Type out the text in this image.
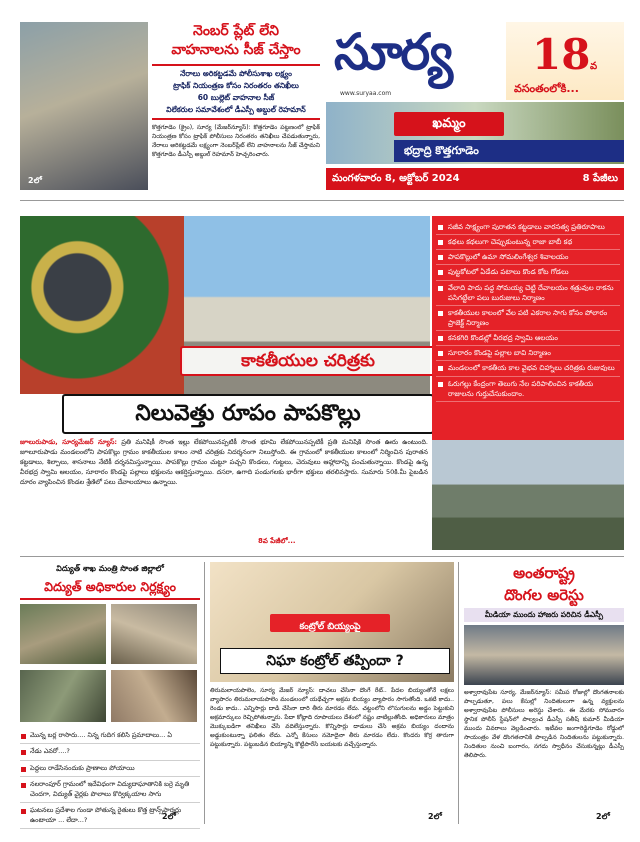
సూర్య
www.suryaa.com
18 వ
వసంతంలోకి...
ఖమ్మం
భద్రాద్రి కొత్తగూడెం
మంగళవారం 8, అక్టోబర్ 2024	8 పేజీలు
2లో
నెంబర్ ప్లేట్ లేని
వాహనాలను సీజ్ చేస్తాం
నేరాలు అరికట్టడమే పోలీసుశాఖ లక్ష్యం
ట్రాఫిక్ నియంత్రణ కోసం నిరంతరం తనిఖీలు
60 బుల్లెట్ వాహనాల సీజ్
విలేకరుల సమావేశంలో డీఎస్పీ అబ్దుల్ రెహమాన్
కొత్తగూడెం (క్రైం), సూర్య (మేజర్‌న్యూస్): కొత్తగూడెం పట్టణంలో ట్రాఫిక్ నియంత్రణ కోసం ట్రాఫిక్ పోలీసులు నిరంతరం తనిఖీలు చేపడుతున్నారు, నేరాలు అరికట్టడమే లక్ష్యంగా నెంబర్‌ప్లేట్ లేని వాహనాలను సీజ్ చేస్తామని కొత్తగూడెం డీఎస్పీ అబ్దుల్ రెహమాన్ హెచ్చరించారు.
కాకతీయుల చరిత్రకు
నిలువెత్తు రూపం పాపకొల్లు
సజీవ సాక్ష్యంగా పురాతన కట్టడాలు వారసత్వ ప్రతిరూపాలు
కథలు కథలుగా చెప్పుకుంటున్న రాజా బాబీ కథ
పాపకొల్లులో ఉమా సోమలింగేశ్వర శివాలయం
పుట్టకోటలో ఏడేడు పటాలు కొండ కోట గోడలు
వేలాది పాదు పద్ద సోమయ్య చెట్టి దేవాలయం శత్రువుల రాకను పసిగట్టేలా పలు బురుజులు నిర్మాణం
కాకతీయుల కాలంలో వేల పటి ఎకరాల సాగు కోసం పోలారం ప్రాజెక్ట్ నిర్మాణం
కనకగిరి కొండల్లో వీరభద్ర స్వామి ఆలయం
సూరారం కొండపై పల్లాల బావి నిర్మాణం
మండలంలో కాకతీయ కాల వైభవ చిహ్నాలు చరిత్రకు రుజువులు
ఓరుగల్లు కేంద్రంగా తెలుగు నేల పరిపాలించిన కాకతీయ రాజులను గుర్తుచేసుకుందాం.

జూలురుపాడు, సూర్యమేజర్ న్యూస్: ప్రతి మనిషికీ సొంత ఇల్లు లేకపోయినప్పటికీ సొంత భూమి లేకపోయినప్పటికీ ప్రతి మనిషికి సొంత ఊరు ఉంటుంది. జూలూరుపాడు మండలంలోని పాపకొల్లు గ్రామం కాకతీయుల కాలం నాటి చరిత్రకు నిదర్శనంగా నిలుస్తోంది. ఈ గ్రామంలో కాకతీయుల కాలంలో నిర్మించిన పురాతన కట్టడాలు, శిల్పాలు, శాసనాలు నేటికీ దర్శనమిస్తున్నాయి. పాపకొల్లు గ్రామం చుట్టూ పచ్చని కొండలు, గుట్టలు, చెరువులు ఆహ్లాదాన్ని పంచుతున్నాయి. కొండపై ఉన్న వీరభద్ర స్వామి ఆలయం, సూరారం కొండపై పల్లాలు భక్తులను ఆకర్షిస్తున్నాయి. దసరా, ఉగాది పండుగలకు భారీగా భక్తులు తరలివస్తారు. సుమారు 50కి.మీ పైబడిన దూరం వ్యాపించిన కొండల శ్రేణిలో పలు దేవాలయాలు ఉన్నాయి.

8వ పేజీలో...
విద్యుత్ శాఖ మంత్రి సొంత జిల్లాలో
విద్యుత్ అధికారుల నిర్లక్ష్యం

మొన్న బర్ల రాసారు.... నిన్న గుదిగ కలిసి ప్రమాదాలు... ఏ
నేడు ఎవరో....?
పెద్దలు రాడేసినందుకు ప్రాణాలు పోయాయి
నలరాంపూర్ గ్రామంలో ఇదేవిధంగా విద్యుదాఘాతానికి బర్రె మృతి చెందగా, విద్యుత్ వైర్లకు పొలాలు కొర్విక్కయాల సాగు
ఘటనలు ప్రదేశాల గుండా పోతున్న రైతులు కొత్త ట్రాన్స్‌ఫార్మర్లు ఉంటాయా ... లేదా...?	2లో
కంట్రోల్ బియ్యంపై
నిఘా కంట్రోల్ తప్పిందా ?
తిరుమలాయపాలెం, సూర్య మేజర్ న్యూస్: దాచలు చేసినా దొంగే రేట్.. పేదల బియ్యంతోనే లక్షలు వ్యాపారం తిరుమలాయపాలెం మండలంలో యథేచ్ఛగా అక్రమ బియ్యం వ్యాపారం సాగుతోంది. ఒకటి కాదు.. రెండు కాదు.. ఎన్నిసార్లు దాడి చేసినా దారి తీరు మారడం లేదు. చట్టంలోని లొసుగులను అడ్డం పెట్టుకుని అక్రమార్కులు రెచ్చిపోతున్నారు. పేదా కోట్లాది రూపాయలు దేశంలో నష్టం వాటిల్లుతోంది. అధికారులు మాత్రం మొక్కుబడిగా తనిఖీలు చేసి వదిలేస్తున్నారు. కొన్నిసార్లు దాడులు చేసి అక్రమ బియ్యం దందాను అడ్డుకుంటున్నా ఫలితం లేదు. ఎన్నో కేసులు నమోదైనా తీరు మారడం లేదు. కొందరు కొర్ర తారుగా పట్టుకున్నారు. పట్టుబడిన బియ్యాన్ని కొట్టిపారేసి బయటకు వచ్చేస్తున్నారు.
2లో
అంతరాష్ట్ర
దొంగల అరెస్టు
మీడియా ముందు హాజరు పరిచిన డీఎస్పీ
అశ్వారావుపేట సూర్య, మేజర్‌న్యూస్: సమీప రోజుల్లో దొంగతనాలకు పాల్పడుతూ, పలు కేసుల్లో నిందితులుగా ఉన్న వ్యక్తులను అశ్వారావుపేట పోలీసులు అరెస్టు చేశారు. ఈ మేరకు సోమవారం స్థానిక పోలీస్ స్టేషన్‌లో పాల్వంచ డీఎస్పీ సతీష్ కుమార్ మీడియా ముందు వివరాలు వెల్లడించారు. ఇటీవల జంగారెడ్డిగూడెం రోడ్డులో సాయంత్రం వేళ దొంగతనానికి పాల్పడిన నిందితులను పట్టుకున్నారు. నిందితుల నుంచి బంగారం, నగదు స్వాధీనం చేసుకున్నట్లు డీఎస్పీ తెలిపారు.
2లో
